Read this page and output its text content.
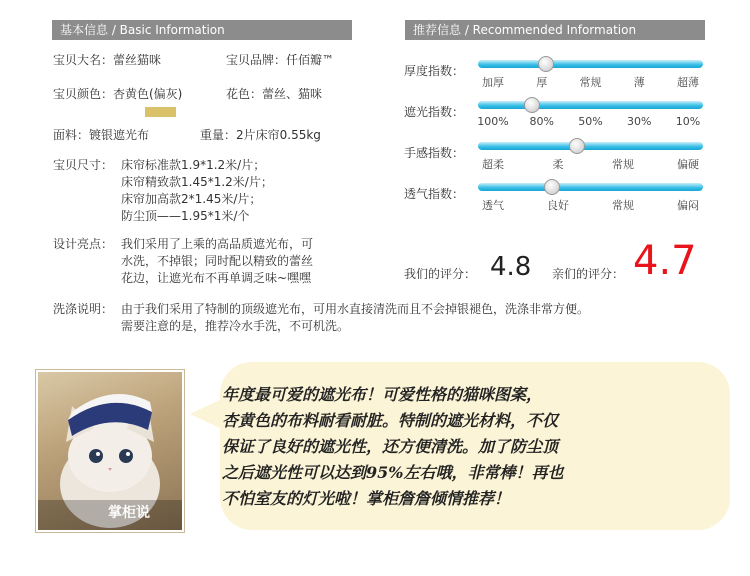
基本信息 / Basic Information	推荐信息 / Recommended Information
宝贝大名：蕾丝猫咪	宝贝品牌：仟佰瓣™
宝贝颜色：杏黄色(偏灰)	花色：蕾丝、猫咪
面料：镀银遮光布	重量：2片床帘0.55kg
宝贝尺寸： 床帘标准款1.9*1.2米/片；
床帘精致款1.45*1.2米/片；
床帘加高款2*1.45米/片；
防尘顶——1.95*1米/个
设计亮点： 我们采用了上乘的高品质遮光布，可
水洗，不掉银；同时配以精致的蕾丝
花边，让遮光布不再单调乏味~嘿嘿
洗涤说明： 由于我们采用了特制的顶级遮光布，可用水直接清洗而且不会掉银褪色，洗涤非常方便。
需要注意的是，推荐冷水手洗，不可机洗。
厚度指数：
加厚	厚	常规	薄	超薄
遮光指数：
100% 80% 50% 30% 10%
手感指数：
超柔	柔	常规	偏硬
透气指数：
透气	良好	常规	偏闷
我们的评分： 4.8 亲们的评分： 4.7
掌柜说
年度最可爱的遮光布！可爱性格的猫咪图案，
杏黄色的布料耐看耐脏。特制的遮光材料，不仅
保证了良好的遮光性，还方便清洗。加了防尘顶
之后遮光性可以达到95%左右哦，非常棒！再也
不怕室友的灯光啦！掌柜詹詹倾情推荐！
